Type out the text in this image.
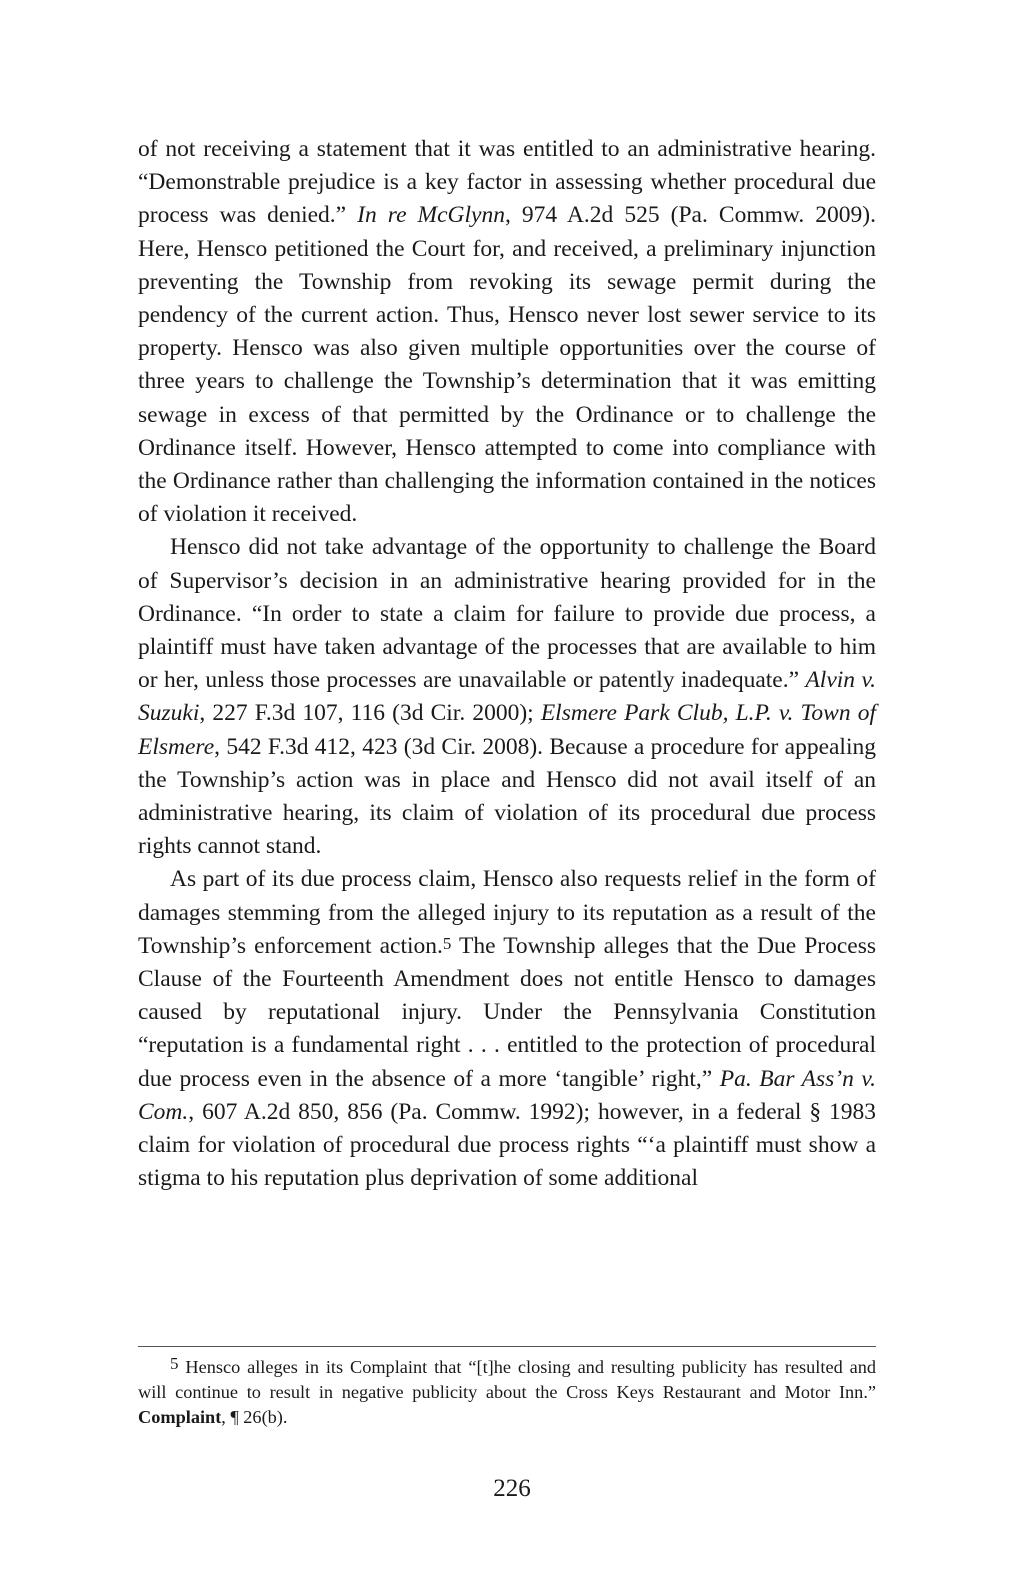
of not receiving a statement that it was entitled to an administrative hearing. “Demonstrable prejudice is a key factor in assessing whether procedural due process was denied.” In re McGlynn, 974 A.2d 525 (Pa. Commw. 2009). Here, Hensco petitioned the Court for, and received, a preliminary injunction preventing the Township from revoking its sewage permit during the pendency of the current action. Thus, Hensco never lost sewer service to its property. Hensco was also given multiple opportunities over the course of three years to challenge the Township’s determination that it was emitting sewage in excess of that permitted by the Ordinance or to challenge the Ordinance itself. However, Hensco attempted to come into compliance with the Ordinance rather than challenging the information contained in the notices of violation it received.

Hensco did not take advantage of the opportunity to challenge the Board of Supervisor’s decision in an administrative hearing provided for in the Ordinance. “In order to state a claim for failure to provide due process, a plaintiff must have taken advantage of the processes that are available to him or her, unless those processes are unavailable or patently inadequate.” Alvin v. Suzuki, 227 F.3d 107, 116 (3d Cir. 2000); Elsmere Park Club, L.P. v. Town of Elsmere, 542 F.3d 412, 423 (3d Cir. 2008). Because a procedure for appealing the Township’s action was in place and Hensco did not avail itself of an administrative hearing, its claim of violation of its procedural due process rights cannot stand.

As part of its due process claim, Hensco also requests relief in the form of damages stemming from the alleged injury to its reputation as a result of the Township’s enforcement action.5 The Township alleges that the Due Process Clause of the Fourteenth Amendment does not entitle Hensco to damages caused by reputational injury. Under the Pennsylvania Constitution “reputation is a fundamental right . . . entitled to the protection of procedural due process even in the absence of a more ‘tangible’ right,” Pa. Bar Ass’n v. Com., 607 A.2d 850, 856 (Pa. Commw. 1992); however, in a federal § 1983 claim for violation of procedural due process rights “‘a plaintiff must show a stigma to his reputation plus deprivation of some additional

5 Hensco alleges in its Complaint that “[t]he closing and resulting publicity has resulted and will continue to result in negative publicity about the Cross Keys Restaurant and Motor Inn.” Complaint, ¶ 26(b).

226
